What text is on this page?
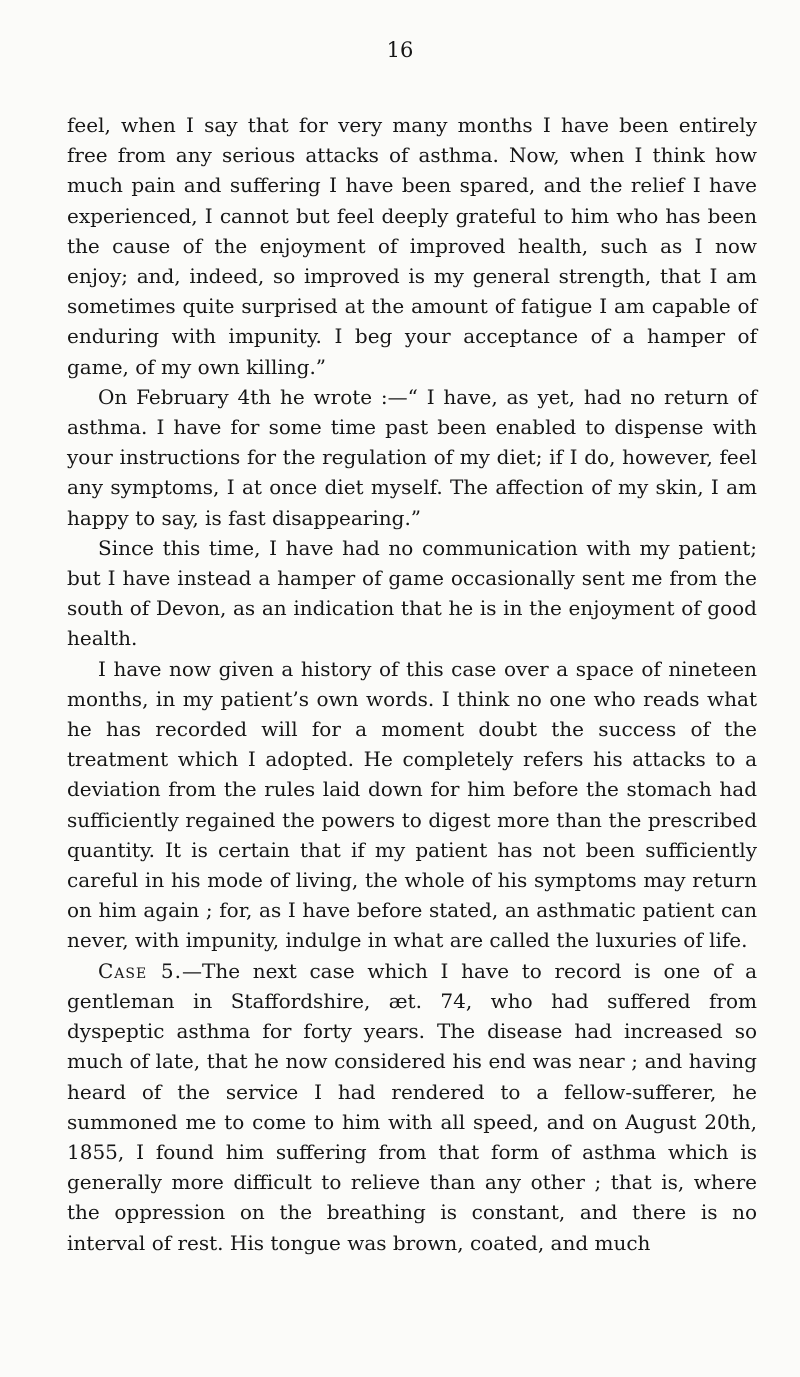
16

feel, when I say that for very many months I have been entirely free from any serious attacks of asthma. Now, when I think how much pain and suffering I have been spared, and the relief I have experienced, I cannot but feel deeply grateful to him who has been the cause of the enjoyment of improved health, such as I now enjoy; and, indeed, so improved is my general strength, that I am sometimes quite surprised at the amount of fatigue I am capable of enduring with impunity. I beg your acceptance of a hamper of game, of my own killing.”

On February 4th he wrote :—“ I have, as yet, had no return of asthma. I have for some time past been enabled to dispense with your instructions for the regulation of my diet; if I do, however, feel any symptoms, I at once diet myself. The affection of my skin, I am happy to say, is fast disappearing.”

Since this time, I have had no communication with my patient; but I have instead a hamper of game occasionally sent me from the south of Devon, as an indication that he is in the enjoyment of good health.

I have now given a history of this case over a space of nineteen months, in my patient’s own words. I think no one who reads what he has recorded will for a moment doubt the success of the treatment which I adopted. He completely refers his attacks to a deviation from the rules laid down for him before the stomach had sufficiently regained the powers to digest more than the prescribed quantity. It is certain that if my patient has not been sufficiently careful in his mode of living, the whole of his symptoms may return on him again ; for, as I have before stated, an asthmatic patient can never, with impunity, indulge in what are called the luxuries of life.

Case 5.—The next case which I have to record is one of a gentleman in Staffordshire, æt. 74, who had suffered from dyspeptic asthma for forty years. The disease had increased so much of late, that he now considered his end was near ; and having heard of the service I had rendered to a fellow-sufferer, he summoned me to come to him with all speed, and on August 20th, 1855, I found him suffering from that form of asthma which is generally more difficult to relieve than any other ; that is, where the oppression on the breathing is constant, and there is no interval of rest. His tongue was brown, coated, and much
